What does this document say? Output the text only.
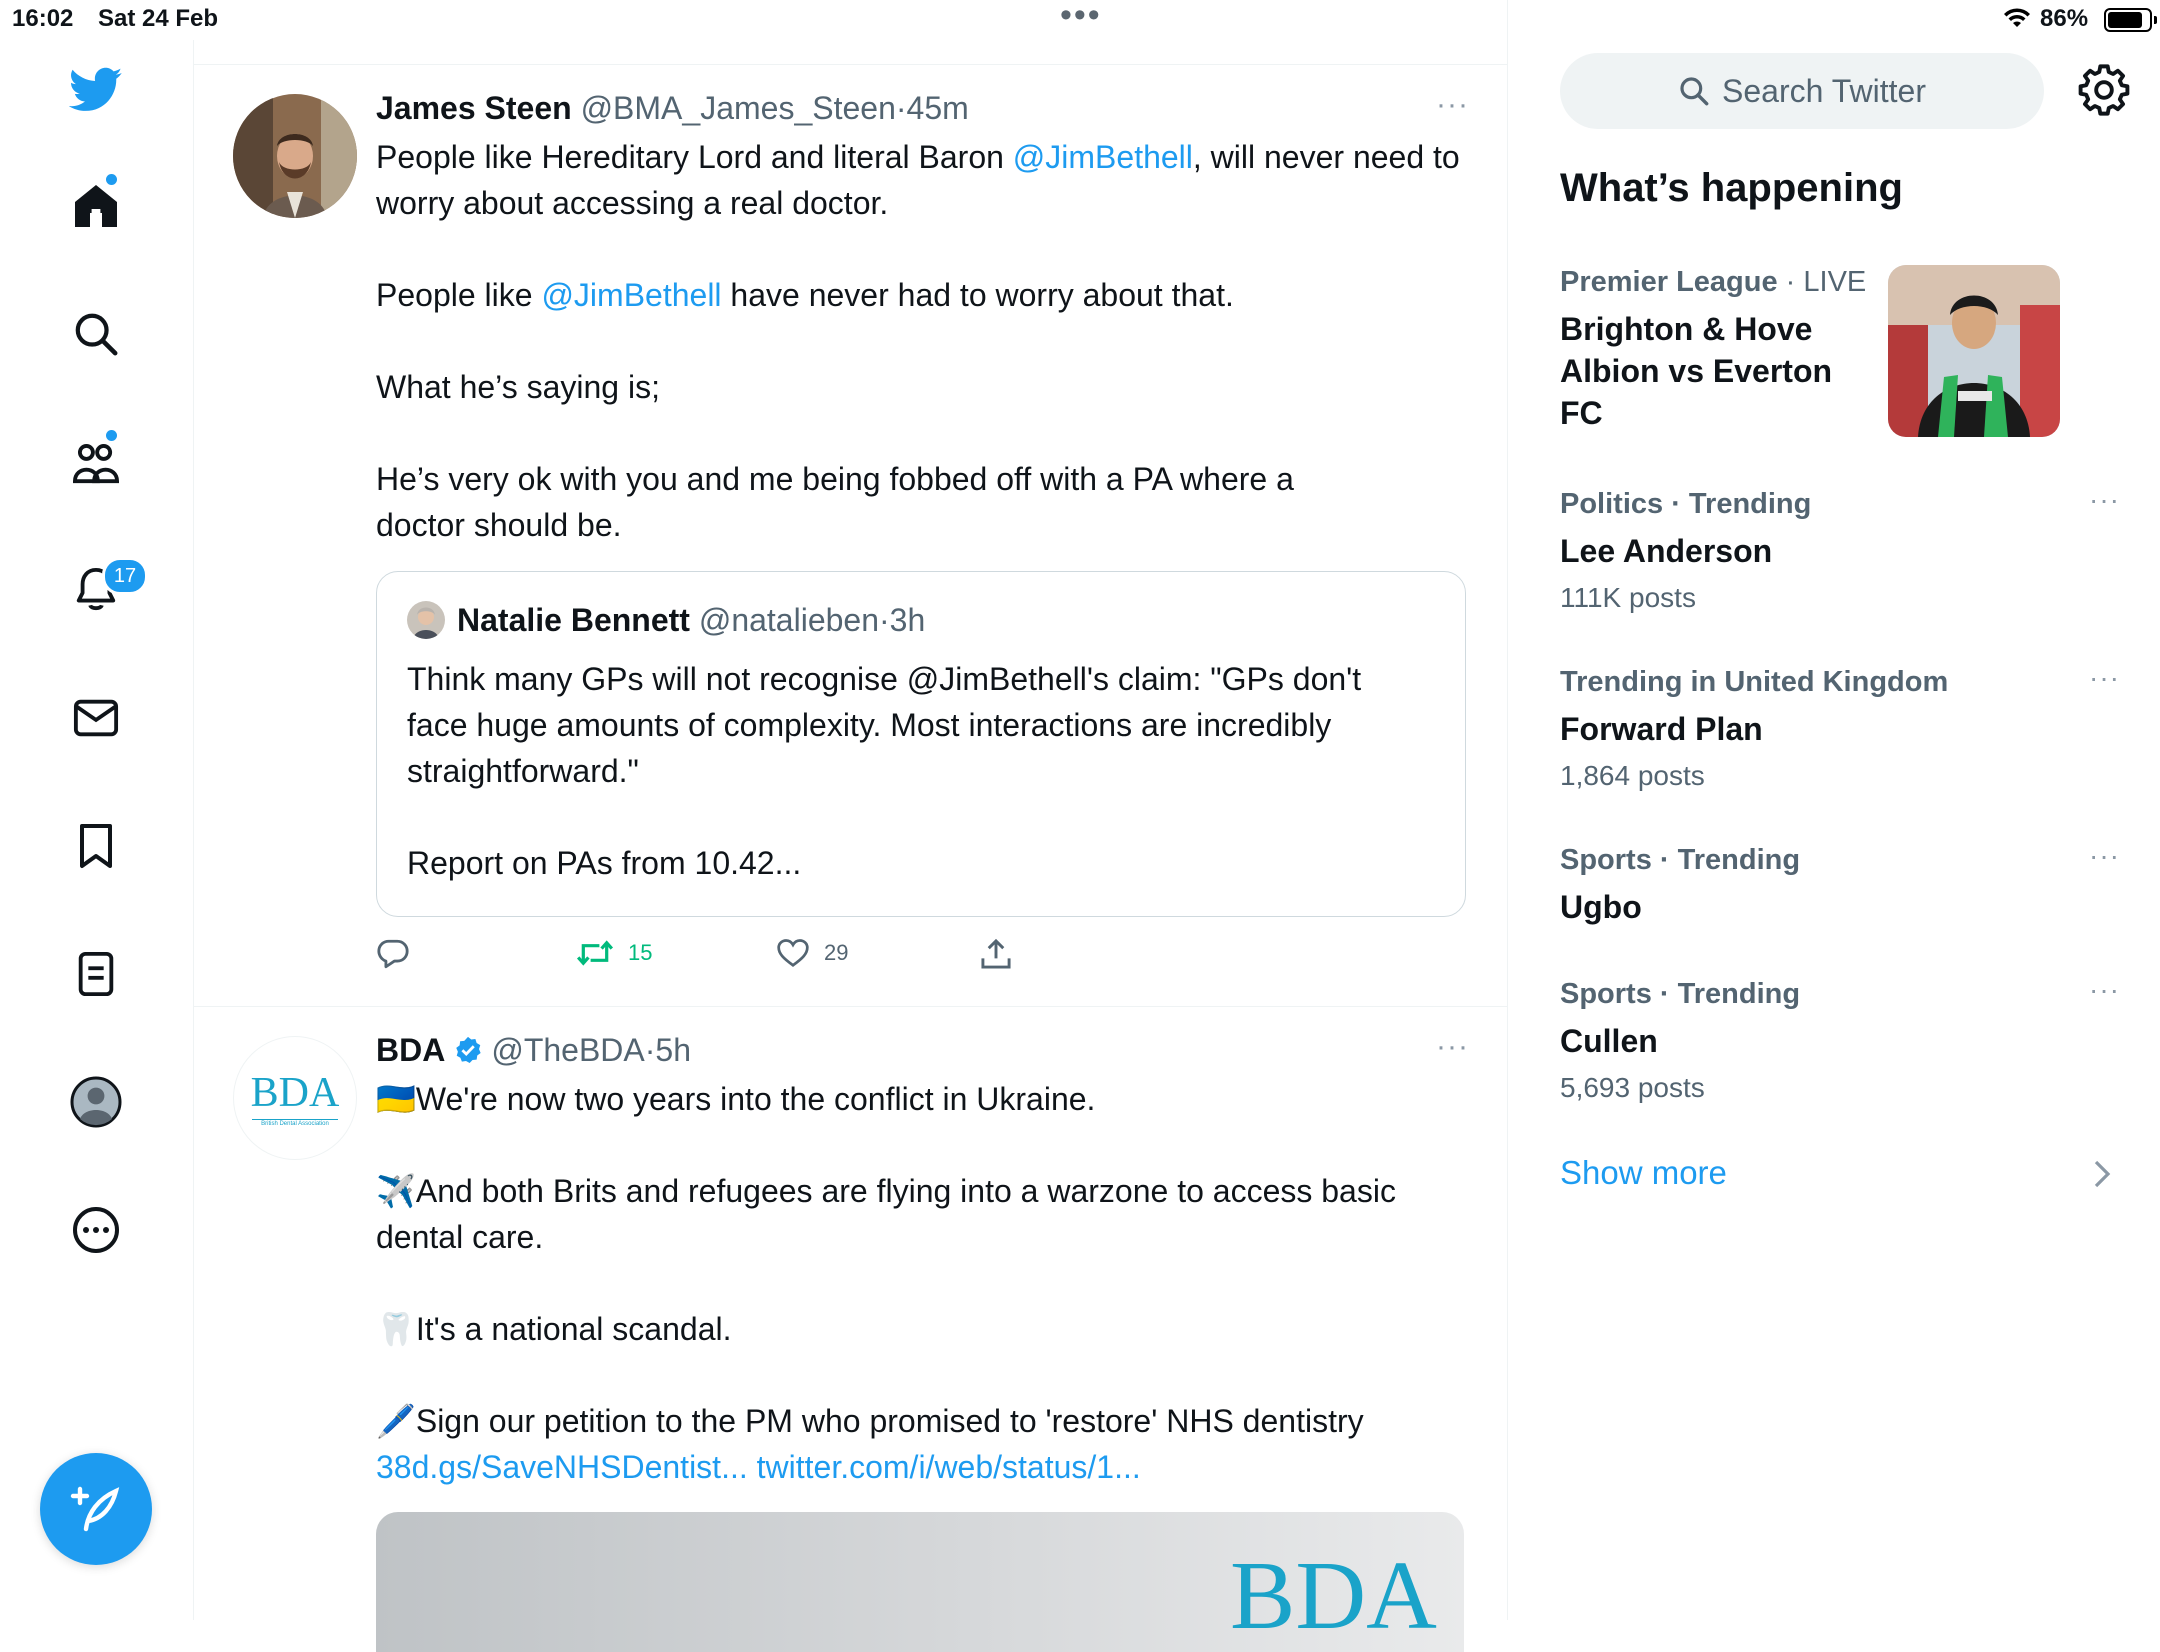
16:02 Sat 24 Feb	•••	86%
17
James Steen @BMA_James_Steen·45m
People like Hereditary Lord and literal Baron @JimBethell, will never need to worry about accessing a real doctor.
People like @JimBethell have never had to worry about that.
What he’s saying is;
He’s very ok with you and me being fobbed off with a PA where a doctor should be.
···
Natalie Bennett
@natalieben · 3h
Think many GPs will not recognise @JimBethell's claim: "GPs don't face huge amounts of complexity. Most interactions are incredibly straightforward."

Report on PAs from 10.42...
15	29
BDA
British Dental Association
BDA @TheBDA · 5h
🇺🇦We're now two years into the conflict in Ukraine.
✈️And both Brits and refugees are flying into a warzone to access basic dental care.
🦷It's a national scandal.
🖊️Sign our petition to the PM who promised to 'restore' NHS dentistry
38d.gs/SaveNHSDentist... twitter.com/i/web/status/1...
···
BDA
Search Twitter
What’s happening
Premier League · LIVE
Brighton & Hove Albion vs Everton FC
Politics · Trending
Lee Anderson
111K posts
···
Trending in United Kingdom
Forward Plan
1,864 posts
···
Sports · Trending
Ugbo
···
Sports · Trending
Cullen
5,693 posts
···
Show more
